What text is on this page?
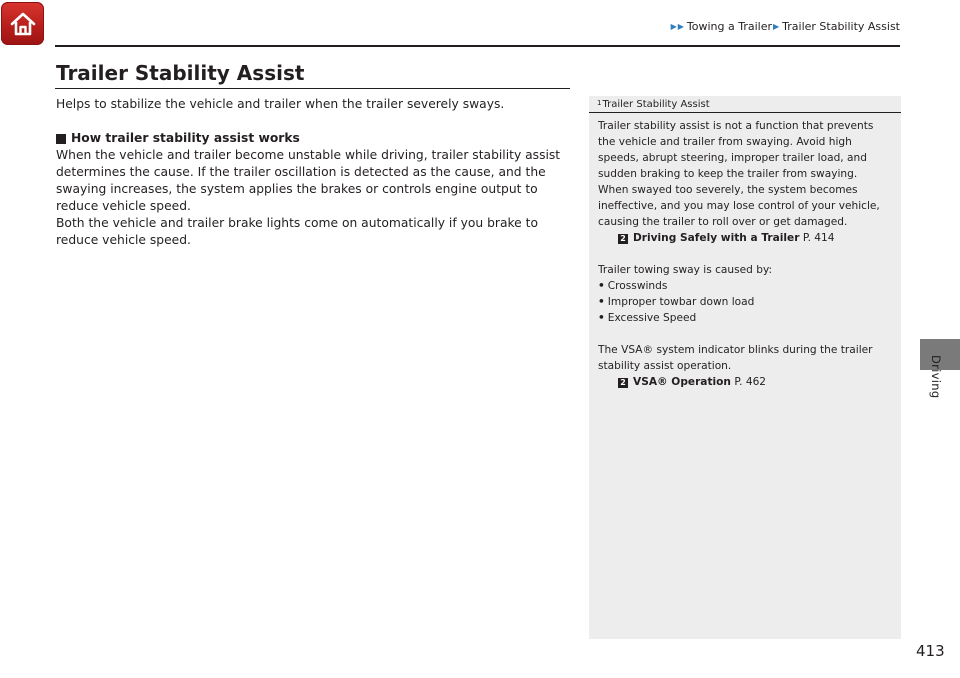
▶ ▶ Towing a Trailer ▶ Trailer Stability Assist
Trailer Stability Assist

Helps to stabilize the vehicle and trailer when the trailer severely sways.

How trailer stability assist works

When the vehicle and trailer become unstable while driving, trailer stability assist determines the cause. If the trailer oscillation is detected as the cause, and the swaying increases, the system applies the brakes or controls engine output to reduce vehicle speed.

Both the vehicle and trailer brake lights come on automatically if you brake to reduce vehicle speed.

1 Trailer Stability Assist

Trailer stability assist is not a function that prevents the vehicle and trailer from swaying. Avoid high speeds, abrupt steering, improper trailer load, and sudden braking to keep the trailer from swaying. When swayed too severely, the system becomes ineffective, and you may lose control of your vehicle, causing the trailer to roll over or get damaged.

2 Driving Safely with a Trailer P. 414

Trailer towing sway is caused by:

• Crosswinds

• Improper towbar down load

• Excessive Speed

The VSA® system indicator blinks during the trailer stability assist operation.

2 VSA® Operation P. 462	Driving
413
